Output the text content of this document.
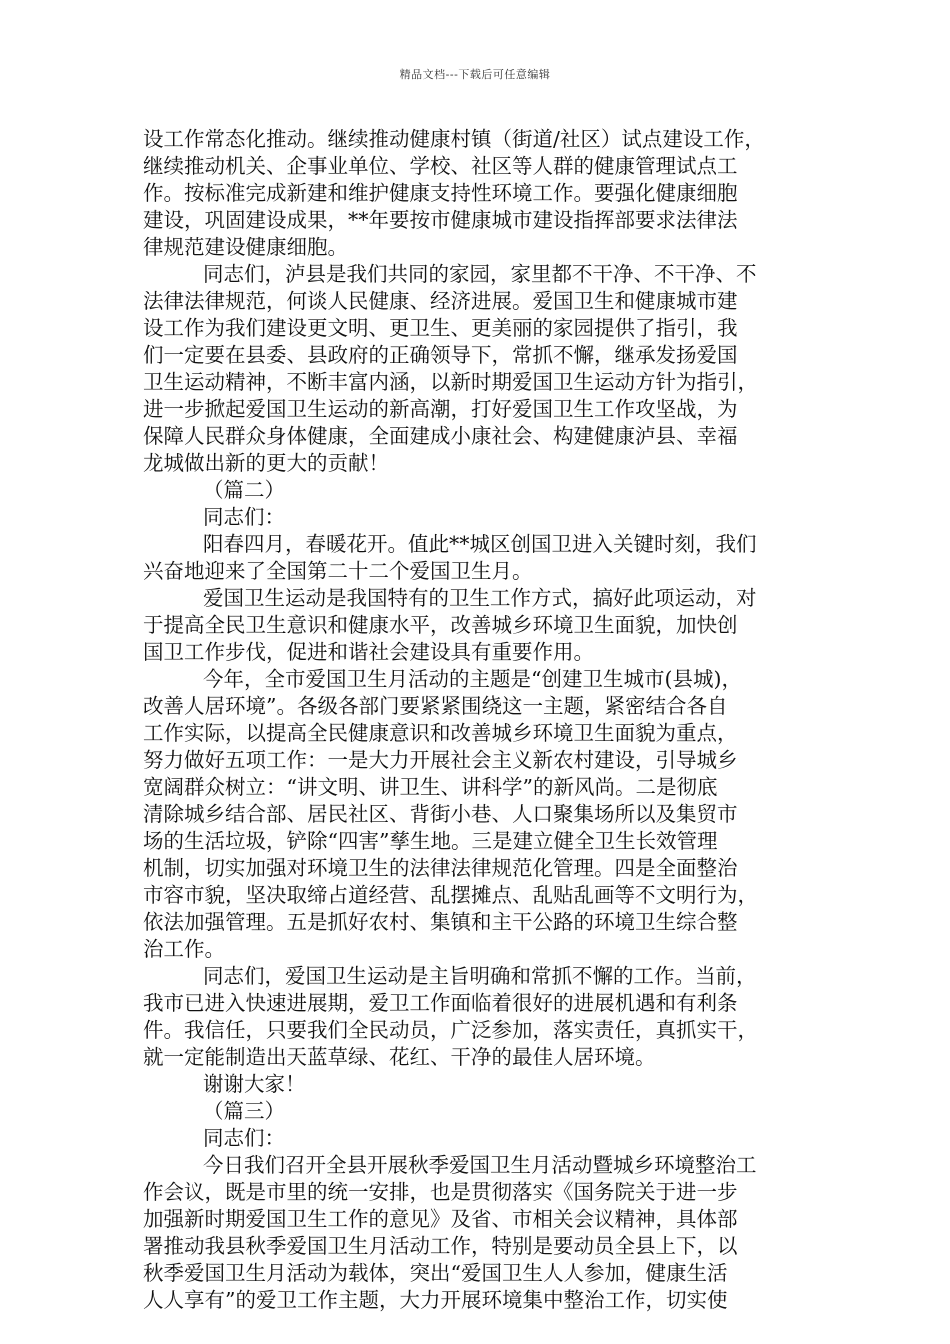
精品文档---下载后可任意编辑
设工作常态化推动。继续推动健康村镇（街道/社区）试点建设工作，
继续推动机关、企事业单位、学校、社区等人群的健康管理试点工
作。按标准完成新建和维护健康支持性环境工作。要强化健康细胞
建设，巩固建设成果，**年要按市健康城市建设指挥部要求法律法
律规范建设健康细胞。
同志们，泸县是我们共同的家园，家里都不干净、不干净、不
法律法律规范，何谈人民健康、经济进展。爱国卫生和健康城市建
设工作为我们建设更文明、更卫生、更美丽的家园提供了指引，我
们一定要在县委、县政府的正确领导下，常抓不懈，继承发扬爱国
卫生运动精神，不断丰富内涵，以新时期爱国卫生运动方针为指引，
进一步掀起爱国卫生运动的新高潮，打好爱国卫生工作攻坚战，为
保障人民群众身体健康，全面建成小康社会、构建健康泸县、幸福
龙城做出新的更大的贡献！
（篇二）
同志们：
阳春四月，春暖花开。值此**城区创国卫进入关键时刻，我们
兴奋地迎来了全国第二十二个爱国卫生月。
爱国卫生运动是我国特有的卫生工作方式，搞好此项运动，对
于提高全民卫生意识和健康水平，改善城乡环境卫生面貌，加快创
国卫工作步伐，促进和谐社会建设具有重要作用。
今年，全市爱国卫生月活动的主题是“创建卫生城市(县城)，
改善人居环境”。各级各部门要紧紧围绕这一主题，紧密结合各自
工作实际，以提高全民健康意识和改善城乡环境卫生面貌为重点，
努力做好五项工作：一是大力开展社会主义新农村建设，引导城乡
宽阔群众树立：“讲文明、讲卫生、讲科学”的新风尚。二是彻底
清除城乡结合部、居民社区、背街小巷、人口聚集场所以及集贸市
场的生活垃圾，铲除“四害”孳生地。三是建立健全卫生长效管理
机制，切实加强对环境卫生的法律法律规范化管理。四是全面整治
市容市貌，坚决取缔占道经营、乱摆摊点、乱贴乱画等不文明行为，
依法加强管理。五是抓好农村、集镇和主干公路的环境卫生综合整
治工作。
同志们，爱国卫生运动是主旨明确和常抓不懈的工作。当前，
我市已进入快速进展期，爱卫工作面临着很好的进展机遇和有利条
件。我信任，只要我们全民动员，广泛参加，落实责任，真抓实干，
就一定能制造出天蓝草绿、花红、干净的最佳人居环境。
谢谢大家！
（篇三）
同志们：
今日我们召开全县开展秋季爱国卫生月活动暨城乡环境整治工
作会议，既是市里的统一安排，也是贯彻落实《国务院关于进一步
加强新时期爱国卫生工作的意见》及省、市相关会议精神，具体部
署推动我县秋季爱国卫生月活动工作，特别是要动员全县上下，以
秋季爱国卫生月活动为载体，突出“爱国卫生人人参加，健康生活
人人享有”的爱卫工作主题，大力开展环境集中整治工作，切实使
